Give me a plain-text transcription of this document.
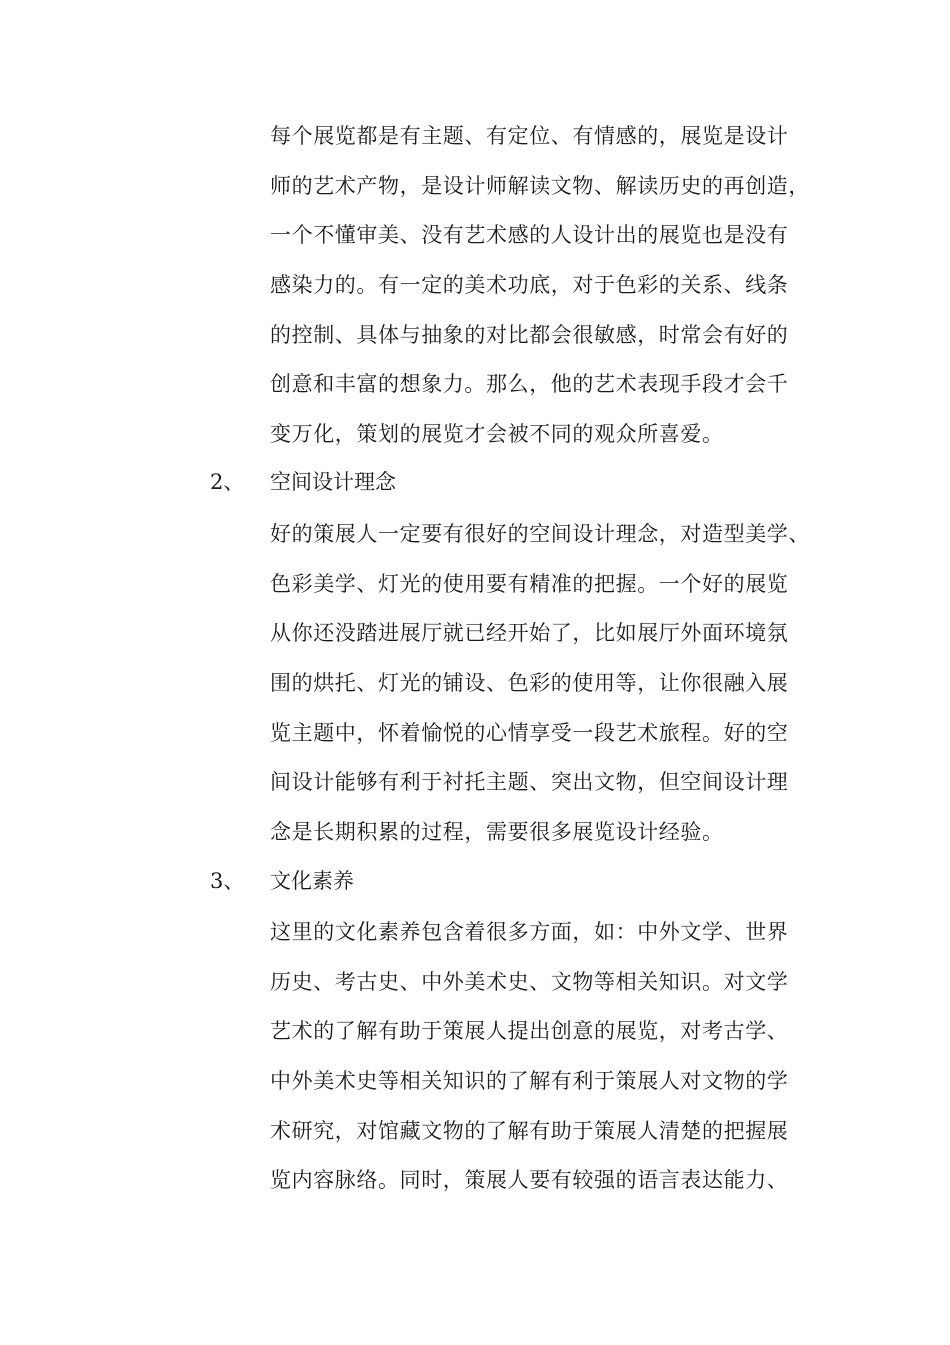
每个展览都是有主题、有定位、有情感的，展览是设计
师的艺术产物，是设计师解读文物、解读历史的再创造，
一个不懂审美、没有艺术感的人设计出的展览也是没有
感染力的。有一定的美术功底，对于色彩的关系、线条
的控制、具体与抽象的对比都会很敏感，时常会有好的
创意和丰富的想象力。那么，他的艺术表现手段才会千
变万化，策划的展览才会被不同的观众所喜爱。
2、 空间设计理念
好的策展人一定要有很好的空间设计理念，对造型美学、
色彩美学、灯光的使用要有精准的把握。一个好的展览
从你还没踏进展厅就已经开始了，比如展厅外面环境氛
围的烘托、灯光的铺设、色彩的使用等，让你很融入展
览主题中，怀着愉悦的心情享受一段艺术旅程。好的空
间设计能够有利于衬托主题、突出文物，但空间设计理
念是长期积累的过程，需要很多展览设计经验。
3、 文化素养
这里的文化素养包含着很多方面，如：中外文学、世界
历史、考古史、中外美术史、文物等相关知识。对文学
艺术的了解有助于策展人提出创意的展览，对考古学、
中外美术史等相关知识的了解有利于策展人对文物的学
术研究，对馆藏文物的了解有助于策展人清楚的把握展
览内容脉络。同时，策展人要有较强的语言表达能力、
